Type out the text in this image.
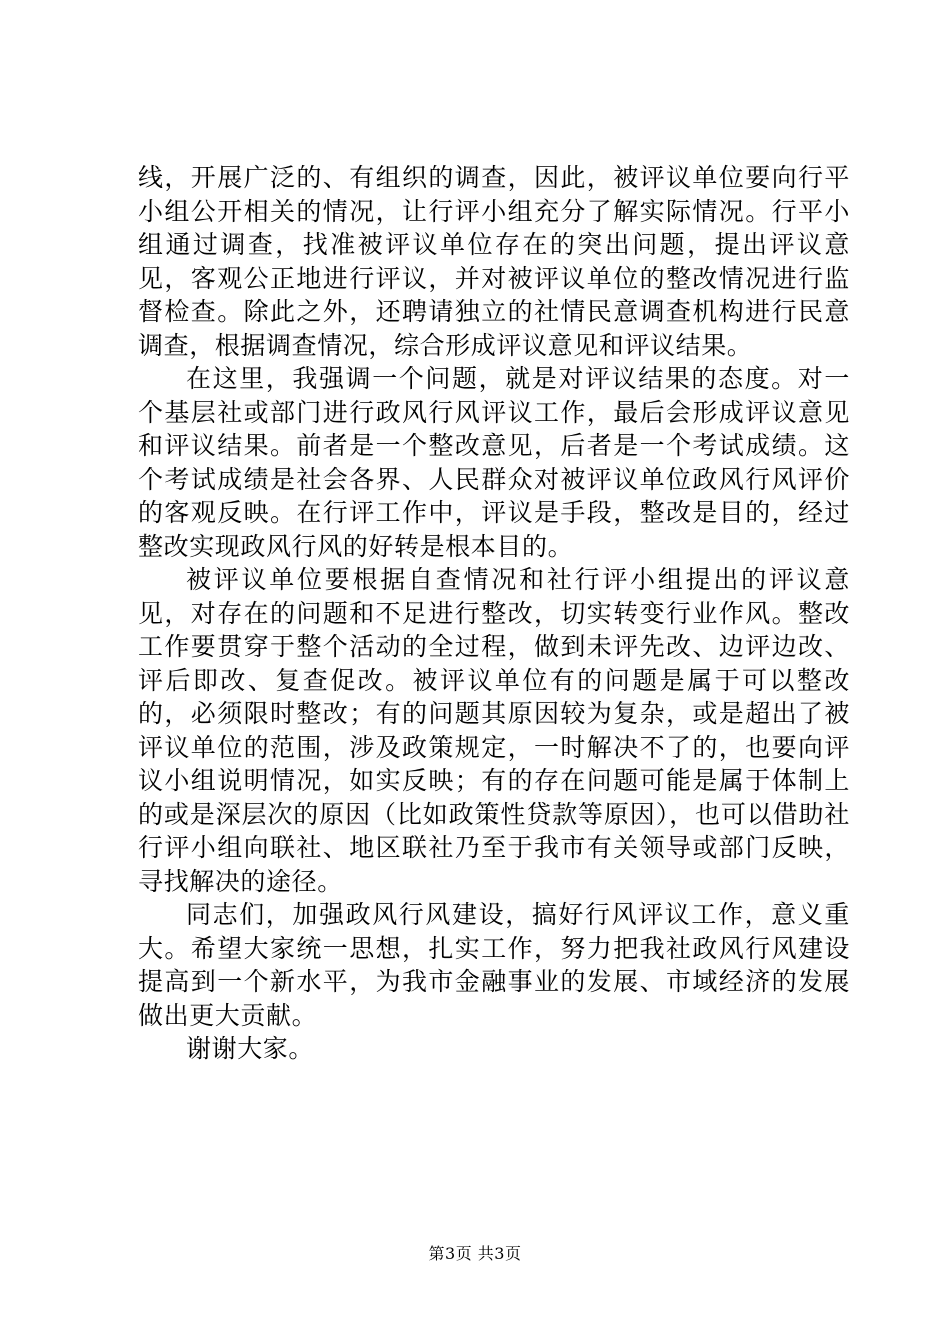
线，开展广泛的、有组织的调查，因此，被评议单位要向行平小组公开相关的情况，让行评小组充分了解实际情况。行平小组通过调查，找准被评议单位存在的突出问题，提出评议意见，客观公正地进行评议，并对被评议单位的整改情况进行监督检查。除此之外，还聘请独立的社情民意调查机构进行民意调查，根据调查情况，综合形成评议意见和评议结果。

在这里，我强调一个问题，就是对评议结果的态度。对一个基层社或部门进行政风行风评议工作，最后会形成评议意见和评议结果。前者是一个整改意见，后者是一个考试成绩。这个考试成绩是社会各界、人民群众对被评议单位政风行风评价的客观反映。在行评工作中，评议是手段，整改是目的，经过整改实现政风行风的好转是根本目的。

被评议单位要根据自查情况和社行评小组提出的评议意见，对存在的问题和不足进行整改，切实转变行业作风。整改工作要贯穿于整个活动的全过程，做到未评先改、边评边改、评后即改、复查促改。被评议单位有的问题是属于可以整改的，必须限时整改；有的问题其原因较为复杂，或是超出了被评议单位的范围，涉及政策规定，一时解决不了的，也要向评议小组说明情况，如实反映；有的存在问题可能是属于体制上的或是深层次的原因（比如政策性贷款等原因），也可以借助社行评小组向联社、地区联社乃至于我市有关领导或部门反映，寻找解决的途径。

同志们，加强政风行风建设，搞好行风评议工作，意义重大。希望大家统一思想，扎实工作，努力把我社政风行风建设提高到一个新水平，为我市金融事业的发展、市域经济的发展做出更大贡献。

谢谢大家。

第3页 共3页
